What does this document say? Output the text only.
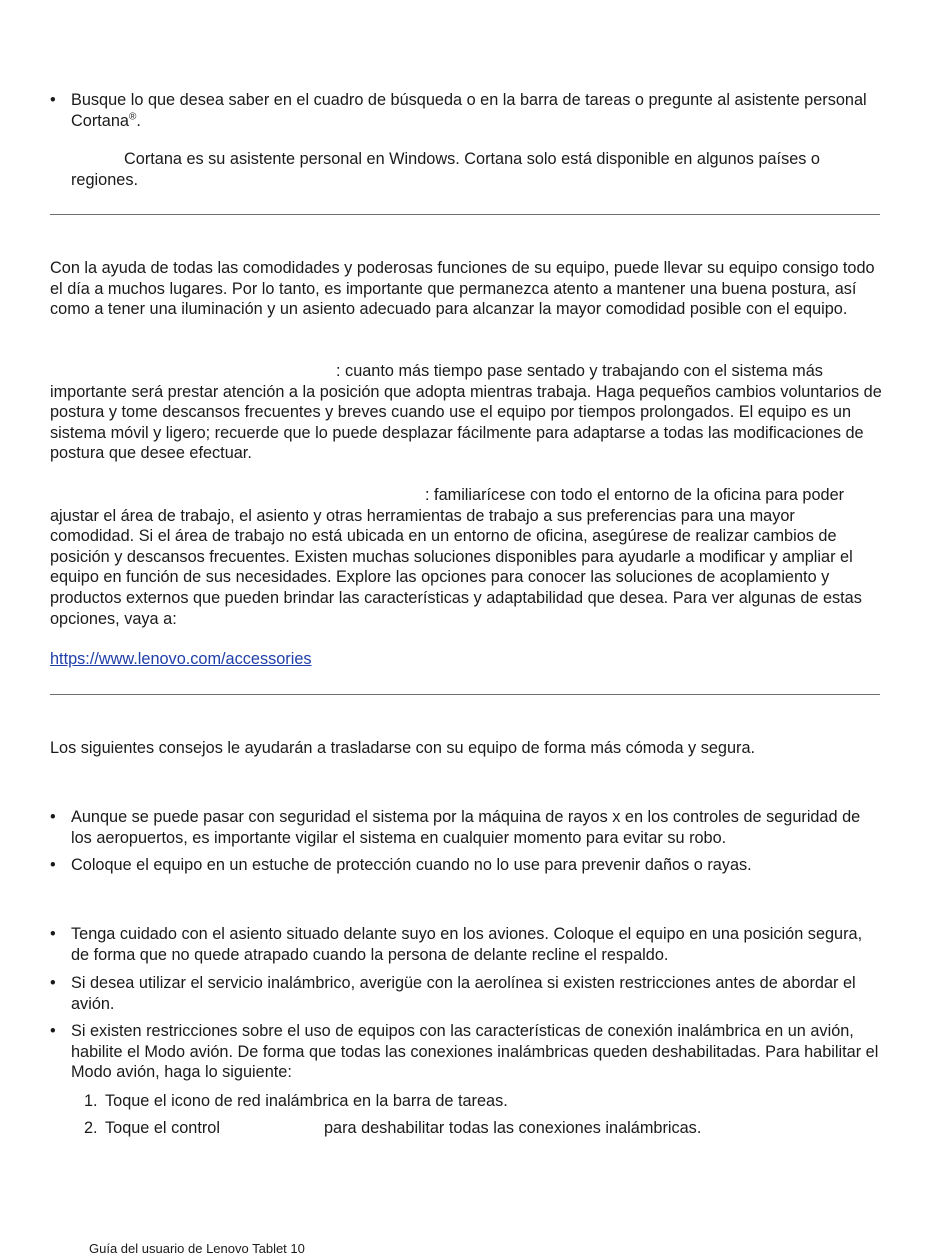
• Busque lo que desea saber en el cuadro de búsqueda o en la barra de tareas o pregunte al asistente personal Cortana®.

Cortana es su asistente personal en Windows. Cortana solo está disponible en algunos países o regiones.

Con la ayuda de todas las comodidades y poderosas funciones de su equipo, puede llevar su equipo consigo todo el día a muchos lugares. Por lo tanto, es importante que permanezca atento a mantener una buena postura, así como a tener una iluminación y un asiento adecuado para alcanzar la mayor comodidad posible con el equipo.

: cuanto más tiempo pase sentado y trabajando con el sistema más importante será prestar atención a la posición que adopta mientras trabaja. Haga pequeños cambios voluntarios de postura y tome descansos frecuentes y breves cuando use el equipo por tiempos prolongados. El equipo es un sistema móvil y ligero; recuerde que lo puede desplazar fácilmente para adaptarse a todas las modificaciones de postura que desee efectuar.

: familiarícese con todo el entorno de la oficina para poder ajustar el área de trabajo, el asiento y otras herramientas de trabajo a sus preferencias para una mayor comodidad. Si el área de trabajo no está ubicada en un entorno de oficina, asegúrese de realizar cambios de posición y descansos frecuentes. Existen muchas soluciones disponibles para ayudarle a modificar y ampliar el equipo en función de sus necesidades. Explore las opciones para conocer las soluciones de acoplamiento y productos externos que pueden brindar las características y adaptabilidad que desea. Para ver algunas de estas opciones, vaya a:

https://www.lenovo.com/accessories

Los siguientes consejos le ayudarán a trasladarse con su equipo de forma más cómoda y segura.

• Aunque se puede pasar con seguridad el sistema por la máquina de rayos x en los controles de seguridad de los aeropuertos, es importante vigilar el sistema en cualquier momento para evitar su robo.

• Coloque el equipo en un estuche de protección cuando no lo use para prevenir daños o rayas.

• Tenga cuidado con el asiento situado delante suyo en los aviones. Coloque el equipo en una posición segura, de forma que no quede atrapado cuando la persona de delante recline el respaldo.

• Si desea utilizar el servicio inalámbrico, averigüe con la aerolínea si existen restricciones antes de abordar el avión.

• Si existen restricciones sobre el uso de equipos con las características de conexión inalámbrica en un avión, habilite el Modo avión. De forma que todas las conexiones inalámbricas queden deshabilitadas. Para habilitar el Modo avión, haga lo siguiente:

1. Toque el icono de red inalámbrica en la barra de tareas.

2. Toque el control	para deshabilitar todas las conexiones inalámbricas.

Guía del usuario de Lenovo Tablet 10
